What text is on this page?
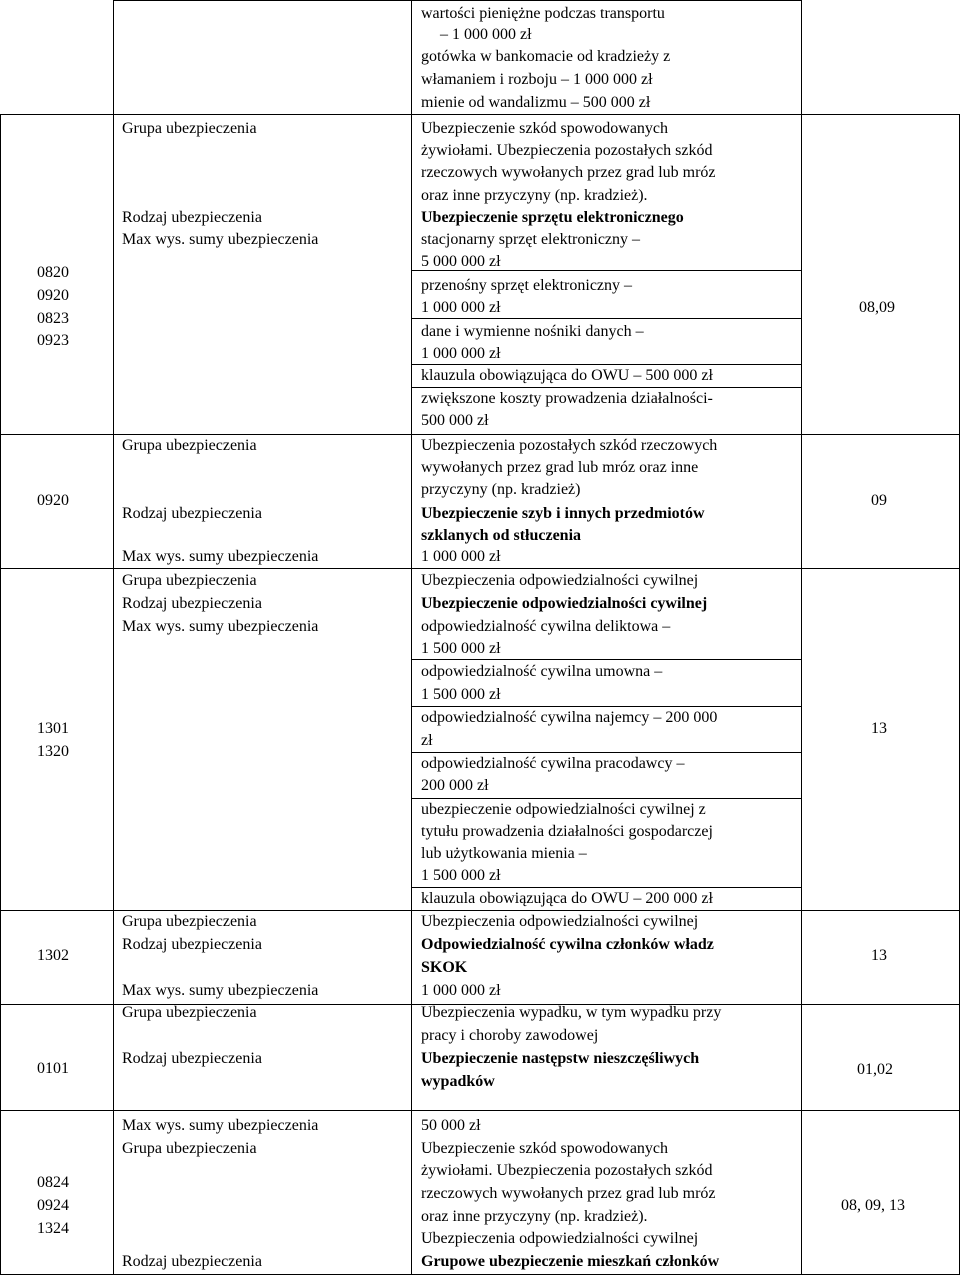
wartości pieniężne podczas transportu
– 1 000 000 zł
gotówka w bankomacie od kradzieży z
włamaniem i rozboju – 1 000 000 zł
mienie od wandalizmu – 500 000 zł
0820
0920
0823
0923
Grupa ubezpieczenia
Rodzaj ubezpieczenia
Max wys. sumy ubezpieczenia
Ubezpieczenie szkód spowodowanych
żywiołami. Ubezpieczenia pozostałych szkód
rzeczowych wywołanych przez grad lub mróz
oraz inne przyczyny (np. kradzież).
Ubezpieczenie sprzętu elektronicznego
stacjonarny sprzęt elektroniczny –
5 000 000 zł
przenośny sprzęt elektroniczny –
1 000 000 zł
dane i wymienne nośniki danych –
1 000 000 zł
klauzula obowiązująca do OWU – 500 000 zł
zwiększone koszty prowadzenia działalności-
500 000 zł
08,09
0920
Grupa ubezpieczenia
Rodzaj ubezpieczenia
Max wys. sumy ubezpieczenia
Ubezpieczenia pozostałych szkód rzeczowych
wywołanych przez grad lub mróz oraz inne
przyczyny (np. kradzież)
Ubezpieczenie szyb i innych przedmiotów
szklanych od stłuczenia
1 000 000 zł
09
1301
1320
Grupa ubezpieczenia
Rodzaj ubezpieczenia
Max wys. sumy ubezpieczenia
Ubezpieczenia odpowiedzialności cywilnej
Ubezpieczenie odpowiedzialności cywilnej
odpowiedzialność cywilna deliktowa –
1 500 000 zł
odpowiedzialność cywilna umowna –
1 500 000 zł
odpowiedzialność cywilna najemcy – 200 000
zł
odpowiedzialność cywilna pracodawcy –
200 000 zł
ubezpieczenie odpowiedzialności cywilnej z
tytułu prowadzenia działalności gospodarczej
lub użytkowania mienia –
1 500 000 zł
klauzula obowiązująca do OWU – 200 000 zł
13
1302
Grupa ubezpieczenia
Rodzaj ubezpieczenia
Max wys. sumy ubezpieczenia
Ubezpieczenia odpowiedzialności cywilnej
Odpowiedzialność cywilna członków władz
SKOK
1 000 000 zł
13
0101
Grupa ubezpieczenia
Rodzaj ubezpieczenia
Ubezpieczenia wypadku, w tym wypadku przy
pracy i choroby zawodowej
Ubezpieczenie następstw nieszczęśliwych
wypadków
01,02
0824
0924
1324
Max wys. sumy ubezpieczenia
Grupa ubezpieczenia
Rodzaj ubezpieczenia
50 000 zł
Ubezpieczenie szkód spowodowanych
żywiołami. Ubezpieczenia pozostałych szkód
rzeczowych wywołanych przez grad lub mróz
oraz inne przyczyny (np. kradzież).
Ubezpieczenia odpowiedzialności cywilnej
Grupowe ubezpieczenie mieszkań członków
08, 09, 13
